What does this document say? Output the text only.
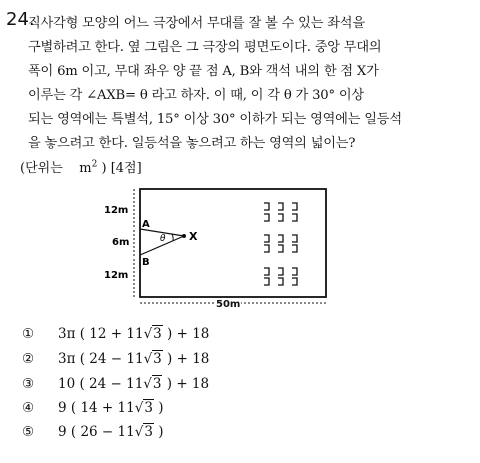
24.
직사각형 모양의 어느 극장에서 무대를 잘 볼 수 있는 좌석을
구별하려고 한다. 옆 그림은 그 극장의 평면도이다. 중앙 무대의
폭이 6m 이고, 무대 좌우 양 끝 점 A, B와 객석 내의 한 점 X가
이루는 각 ∠AXB= θ 라고 하자. 이 때, 이 각 θ 가 30° 이상
되는 영역에는 특별석, 15° 이상 30° 이하가 되는 영역에는 일등석
을 놓으려고 한다. 일등석을 놓으려고 하는 영역의 넓이는?
(단위는 $m^2$ ) [4점]
12m
6m
12m
A
B
X
θ
50m
① 3π ( 12 + 11√3 ) + 18
② 3π ( 24 − 11√3 ) + 18
③ 10 ( 24 − 11√3 ) + 18
④ 9 ( 14 + 11√3 )
⑤ 9 ( 26 − 11√3 )
